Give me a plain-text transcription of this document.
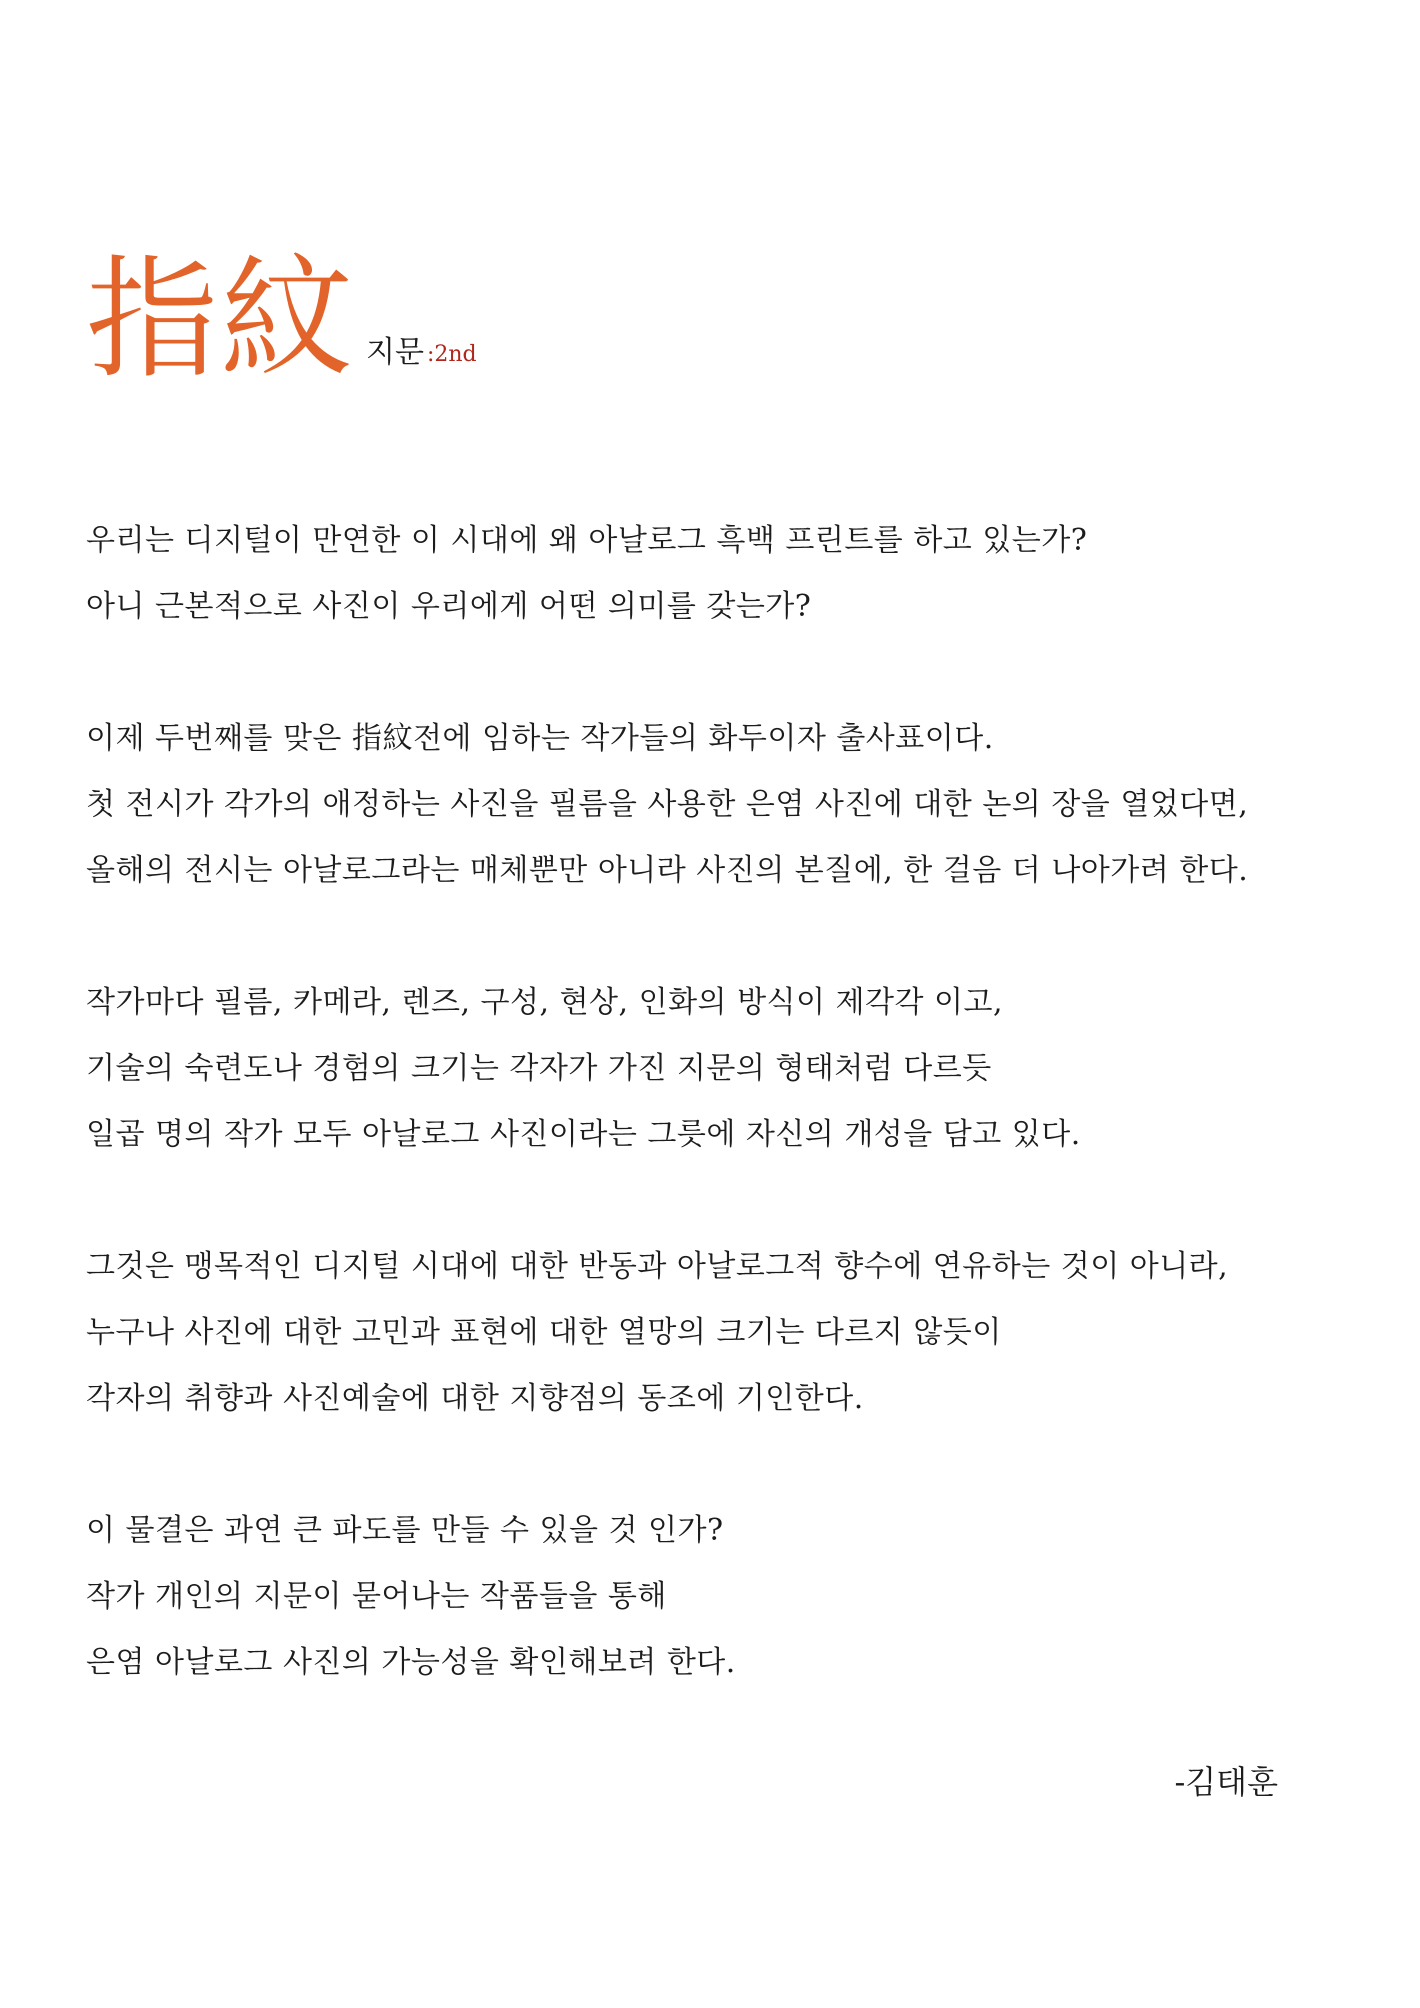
指紋 지문 : 2nd
우리는 디지털이 만연한 이 시대에 왜 아날로그 흑백 프린트를 하고 있는가?
아니 근본적으로 사진이 우리에게 어떤 의미를 갖는가?
이제 두번째를 맞은 指紋전에 임하는 작가들의 화두이자 출사표이다.
첫 전시가 각가의 애정하는 사진을 필름을 사용한 은염 사진에 대한 논의 장을 열었다면,
올해의 전시는 아날로그라는 매체뿐만 아니라 사진의 본질에, 한 걸음 더 나아가려 한다.
작가마다 필름, 카메라, 렌즈, 구성, 현상, 인화의 방식이 제각각 이고,
기술의 숙련도나 경험의 크기는 각자가 가진 지문의 형태처럼 다르듯
일곱 명의 작가 모두 아날로그 사진이라는 그릇에 자신의 개성을 담고 있다.
그것은 맹목적인 디지털 시대에 대한 반동과 아날로그적 향수에 연유하는 것이 아니라,
누구나 사진에 대한 고민과 표현에 대한 열망의 크기는 다르지 않듯이
각자의 취향과 사진예술에 대한 지향점의 동조에 기인한다.
이 물결은 과연 큰 파도를 만들 수 있을 것 인가?
작가 개인의 지문이 묻어나는 작품들을 통해
은염 아날로그 사진의 가능성을 확인해보려 한다.
-김태훈
